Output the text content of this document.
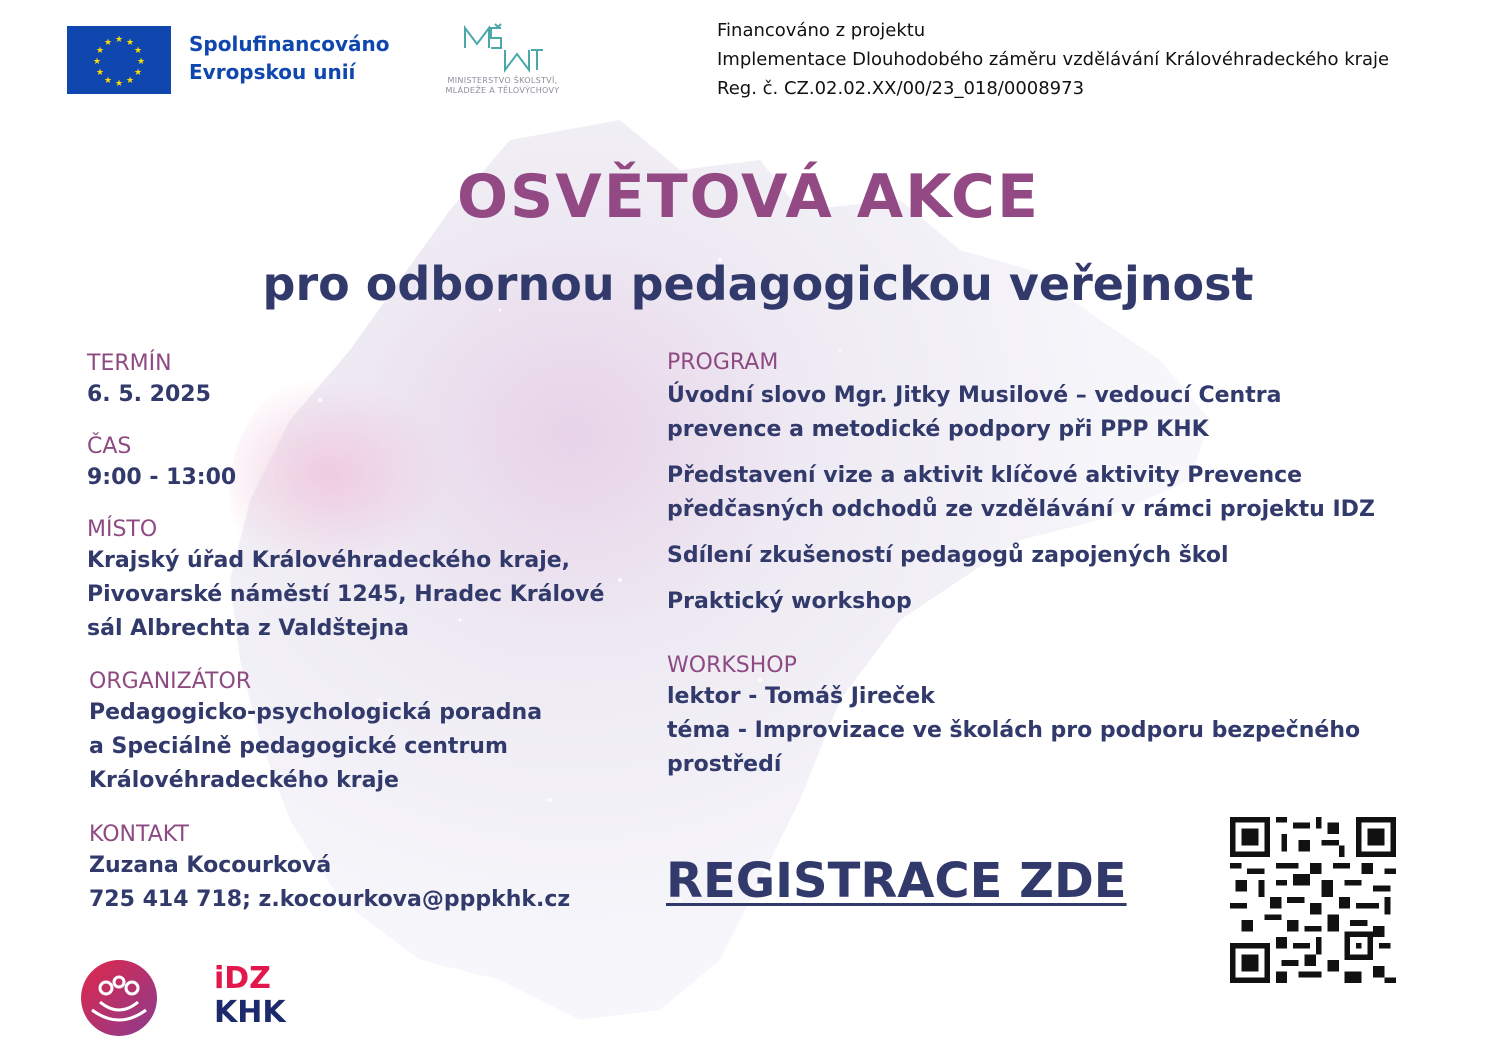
★ ★
★
★
★
★
★
★
★
★
★
★	Spolufinancováno
Evropskou unií	MINISTERSTVO ŠKOLSTVÍ,
MLÁDEŽE A TĚLOVÝCHOVY
Financováno z projektu
Implementace Dlouhodobého záměru vzdělávání Královéhradeckého kraje
Reg. č. CZ.02.02.XX/00/23_018/0008973
OSVĚTOVÁ AKCE
pro odbornou pedagogickou veřejnost
TERMÍN
6. 5. 2025
ČAS
9:00 - 13:00
MÍSTO
Krajský úřad Královéhradeckého kraje,
Pivovarské náměstí 1245, Hradec Králové
sál Albrechta z Valdštejna
ORGANIZÁTOR
Pedagogicko-psychologická poradna
a Speciálně pedagogické centrum
Královéhradeckého kraje
KONTAKT
Zuzana Kocourková
725 414 718; z.kocourkova@pppkhk.cz
PROGRAM
Úvodní slovo Mgr. Jitky Musilové – vedoucí Centra
prevence a metodické podpory při PPP KHK
Představení vize a aktivit klíčové aktivity Prevence
předčasných odchodů ze vzdělávání v rámci projektu IDZ
Sdílení zkušeností pedagogů zapojených škol
Praktický workshop
WORKSHOP
lektor - Tomáš Jireček
téma - Improvizace ve školách pro podporu bezpečného
prostředí
REGISTRACE ZDE
iDZ
KHK
